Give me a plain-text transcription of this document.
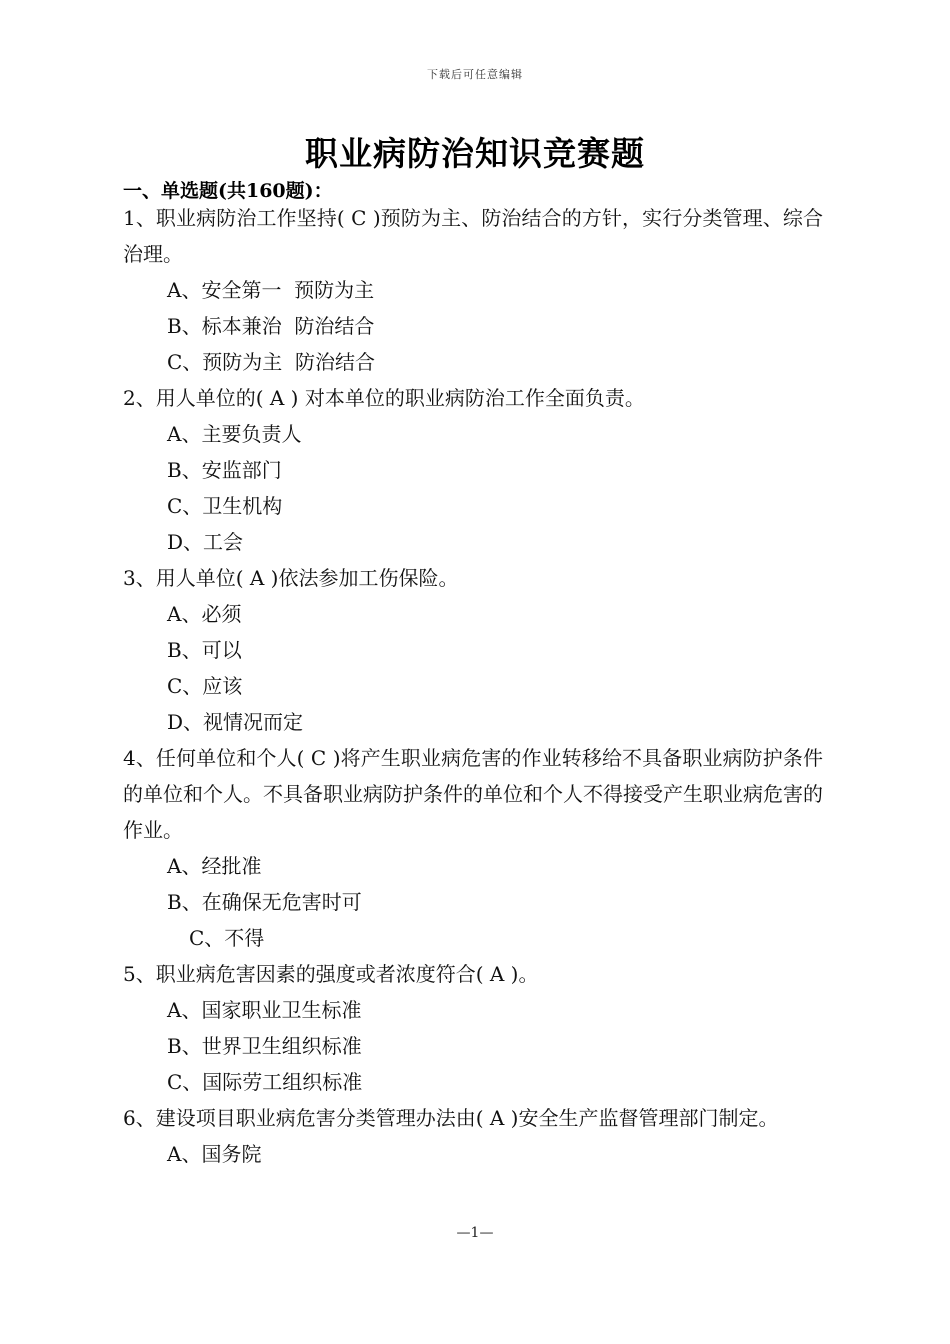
下载后可任意编辑
职业病防治知识竞赛题
一、单选题(共160题)：

1、职业病防治工作坚持( C )预防为主、防治结合的方针，实行分类管理、综合治理。

A、安全第一  预防为主

B、标本兼治  防治结合

C、预防为主  防治结合

2、用人单位的( A ) 对本单位的职业病防治工作全面负责。

A、主要负责人

B、安监部门

C、卫生机构

D、工会

3、用人单位( A )依法参加工伤保险。

A、必须

B、可以

C、应该

D、视情况而定

4、任何单位和个人( C )将产生职业病危害的作业转移给不具备职业病防护条件的单位和个人。不具备职业病防护条件的单位和个人不得接受产生职业病危害的作业。

A、经批准

B、在确保无危害时可

C、不得

5、职业病危害因素的强度或者浓度符合( A )。

A、国家职业卫生标准

B、世界卫生组织标准

C、国际劳工组织标准

6、建设项目职业病危害分类管理办法由( A )安全生产监督管理部门制定。

A、国务院

—1—
